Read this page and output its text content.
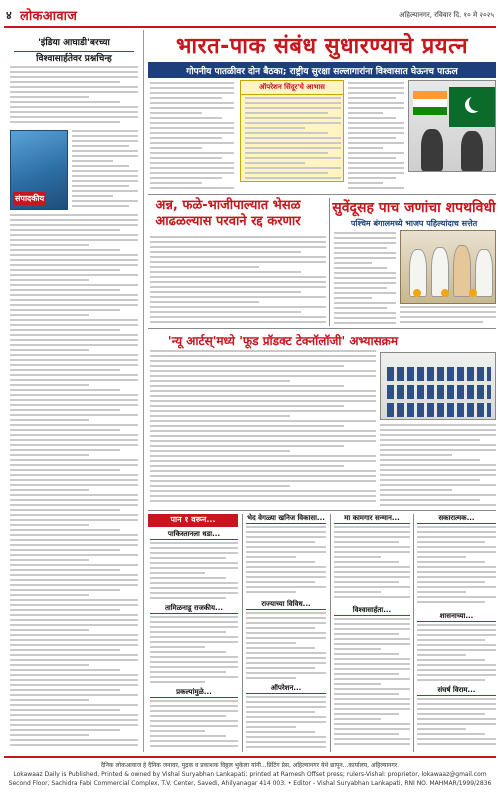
४ लोकआवाज	अहिल्यानगर, रविवार दि. १० मे २०२५
'इंडिया आघाडी'बरच्या
विश्वासार्हतेवर प्रश्नचिन्ह
संपादकीय
भारत-पाक संबंध सुधारण्याचे प्रयत्न
गोपनीय पातळीवर दोन बैठका; राष्ट्रीय सुरक्षा सल्लागारांना विश्वासात घेऊनच पाऊल
ऑपरेशन सिंदूर'चे आभास
अन्न, फळे-भाजीपाल्यात भेसळ आढळल्यास परवाने रद्द करणार
सुवेंदूसह पाच जणांचा शपथविधी
पश्चिम बंगालमध्ये भाजप पहिल्यांदाच सत्तेत
'न्यू आर्टस्'मध्ये 'फूड प्रॉडक्ट टेक्नॉलॉजी' अभ्यासक्रम
पान १ वरून...
पाकिस्तानला धडा...
तामिळनाडू राजकीय...
प्रकल्पांमुळे...
भेद वेगळ्या खनिज विकासा...
राज्याच्या विविध...
ऑपरेशन...
मा कामगार सन्मान...
विश्वासार्हता...
सकारात्मक...
शासनाच्या...
संघर्ष विराम...

दैनिक लोकआवाज हे दैनिक जनावर, मुद्रक व प्रकाशक विठ्ठल भुकेला यांनी...प्रिंटिंग प्रेस, अहिल्यानगर येथे छापून...कार्यालय, अहिल्यानगर.

Lokawaaz Daily is Published, Printed & owned by Vishal Suryabhan Lankapati; printed at Ramesh Offset press; rulers-Vishal: proprietor, lokawaaz@gmail.com

Second Floor, Sachidra Fabi Commercial Complex, T.V. Center, Savedi, Ahilyanagar 414 003. • Editor - Vishal Suryabhan Lankapati, RNI NO. MAHMAR/1999/2836
